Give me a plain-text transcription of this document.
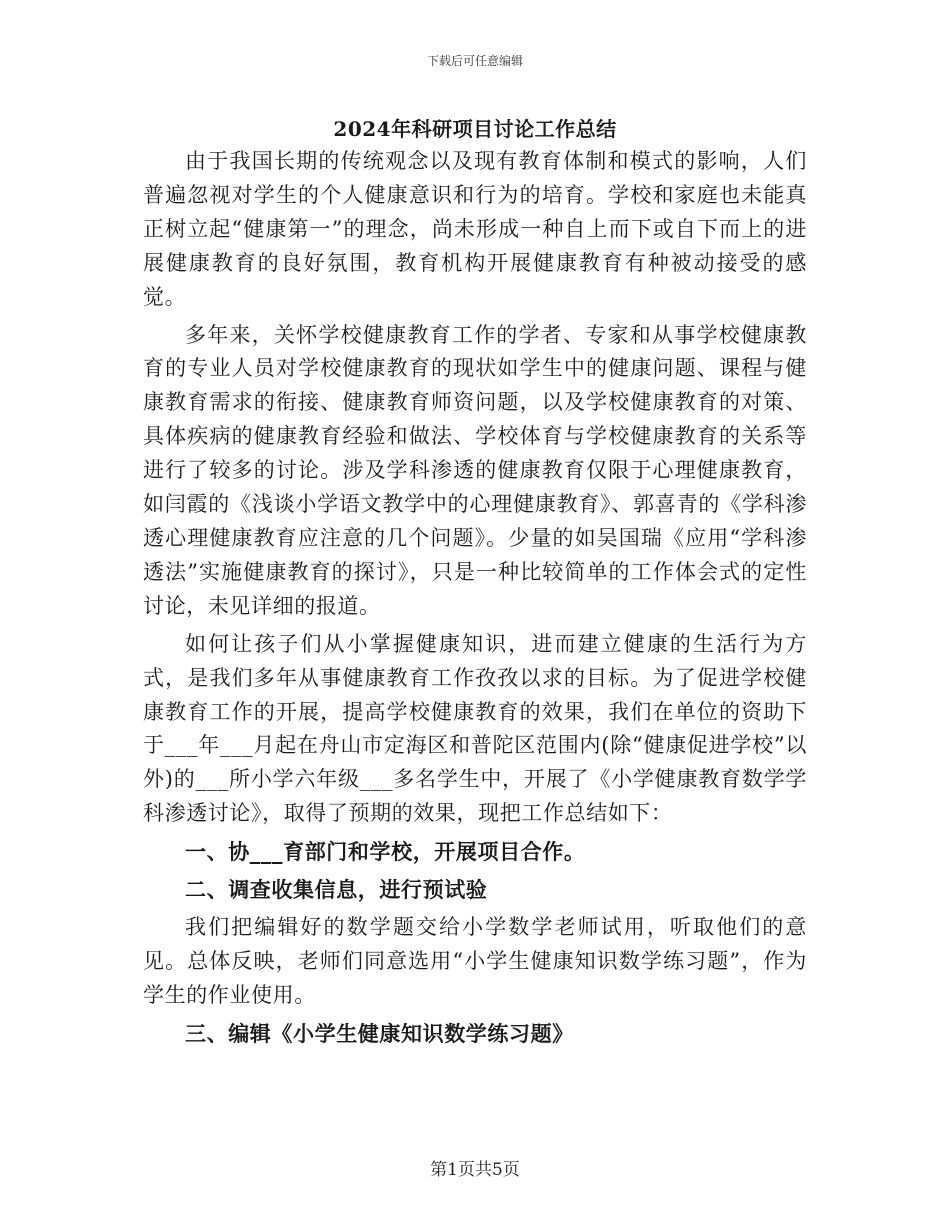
下载后可任意编辑
2024年科研项目讨论工作总结

由于我国长期的传统观念以及现有教育体制和模式的影响，人们普遍忽视对学生的个人健康意识和行为的培育。学校和家庭也未能真正树立起“健康第一”的理念，尚未形成一种自上而下或自下而上的进展健康教育的良好氛围，教育机构开展健康教育有种被动接受的感觉。

多年来，关怀学校健康教育工作的学者、专家和从事学校健康教育的专业人员对学校健康教育的现状如学生中的健康问题、课程与健康教育需求的衔接、健康教育师资问题，以及学校健康教育的对策、具体疾病的健康教育经验和做法、学校体育与学校健康教育的关系等进行了较多的讨论。涉及学科渗透的健康教育仅限于心理健康教育，如闫霞的《浅谈小学语文教学中的心理健康教育》、郭喜青的《学科渗透心理健康教育应注意的几个问题》。少量的如吴国瑞《应用“学科渗透法”实施健康教育的探讨》，只是一种比较简单的工作体会式的定性讨论，未见详细的报道。

如何让孩子们从小掌握健康知识，进而建立健康的生活行为方式，是我们多年从事健康教育工作孜孜以求的目标。为了促进学校健康教育工作的开展，提高学校健康教育的效果，我们在单位的资助下于___年___月起在舟山市定海区和普陀区范围内(除“健康促进学校”以外)的___所小学六年级___多名学生中，开展了《小学健康教育数学学科渗透讨论》，取得了预期的效果，现把工作总结如下：

一、协___育部门和学校，开展项目合作。

二、调查收集信息，进行预试验

我们把编辑好的数学题交给小学数学老师试用，听取他们的意见。总体反映，老师们同意选用“小学生健康知识数学练习题”，作为学生的作业使用。

三、编辑《小学生健康知识数学练习题》

第1页共5页
